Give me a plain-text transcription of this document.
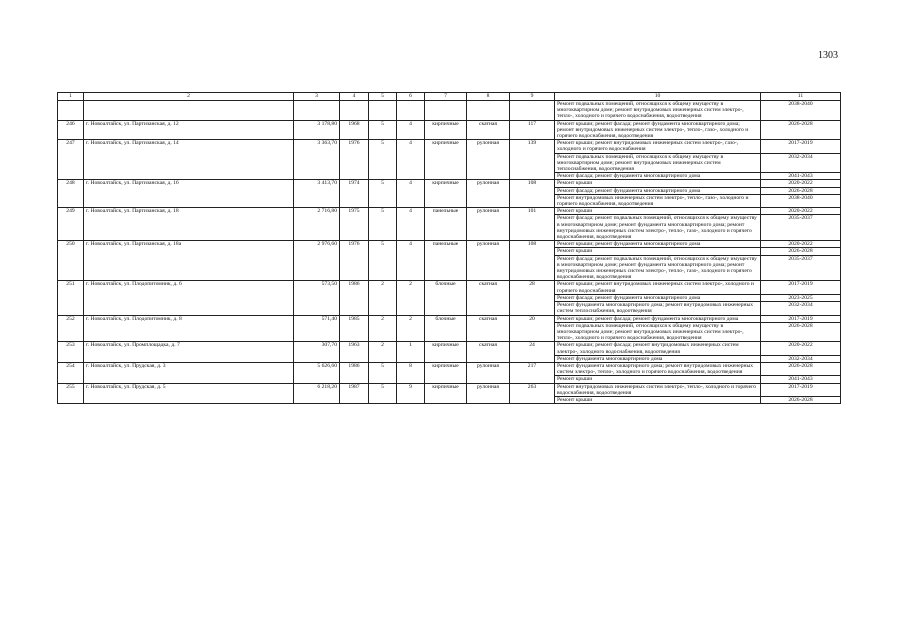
1303
1	2	3	4	5	6	7	8	9	10	11
									Ремонт подвальных помещений, относящихся к общему имуществу в многоквартирном доме; ремонт внутридомовых инженерных систем электро-, тепло-, холодного и горячего водоснабжения, водоотведения	2038-2040
246	г. Новоалтайск, ул. Партизанская, д. 12	3 178,80	1968	5	4	кирпичные	скатная	117	Ремонт крыши; ремонт фасада; ремонт фундамента многоквартирного дома; ремонт внутридомовых инженерных систем электро-, тепло-, газо-, холодного и горячего водоснабжения, водоотведения	2026-2028
247	г. Новоалтайск, ул. Партизанская, д. 14	3 363,70	1976	5	4	кирпичные	рулонная	139	Ремонт крыши; ремонт внутридомовых инженерных систем электро-, газо-, холодного и горячего водоснабжения	2017-2019
									Ремонт подвальных помещений, относящихся к общему имуществу в многоквартирном доме; ремонт внутридомовых инженерных систем теплоснабжения, водоотведения	2032-2034
									Ремонт фасада; ремонт фундамента многоквартирного дома	2041-2043
248	г. Новоалтайск, ул. Партизанская, д. 16	3 413,70	1974	5	4	кирпичные	рулонная	108	Ремонт крыши	2020-2022
									Ремонт фасада; ремонт фундамента многоквартирного дома	2026-2028
									Ремонт внутридомовых инженерных систем электро-, тепло-, газо-, холодного и горячего водоснабжения, водоотведения	2038-2040
249	г. Новоалтайск, ул. Партизанская, д. 18	2 716,80	1975	5	4	панельные	рулонная	101	Ремонт крыши	2020-2022
									Ремонт фасада; ремонт подвальных помещений, относящихся к общему имуществу в многоквартирном доме; ремонт фундамента многоквартирного дома; ремонт внутридомовых инженерных систем электро-, тепло-, газо-, холодного и горячего водоснабжения, водоотведения	2035-2037
250	г. Новоалтайск, ул. Партизанская, д. 18а	2 976,60	1976	5	4	панельные	рулонная	108	Ремонт крыши; ремонт фундамента многоквартирного дома	2020-2022
									Ремонт крыши	2026-2028
									Ремонт фасада; ремонт подвальных помещений, относящихся к общему имуществу в многоквартирном доме; ремонт фундамента многоквартирного дома; ремонт внутридомовых инженерных систем электро-, тепло-, газо-, холодного и горячего водоснабжения, водоотведения	2035-2037
251	г. Новоалтайск, ул. Плодопитомник, д. 6	573,50	1986	2	2	блочные	скатная	28	Ремонт крыши; ремонт внутридомовых инженерных систем электро-, холодного и горячего водоснабжения	2017-2019
									Ремонт фасада; ремонт фундамента многоквартирного дома	2023-2025
									Ремонт фундамента многоквартирного дома; ремонт внутридомовых инженерных систем теплоснабжения, водоотведения	2032-2034
252	г. Новоалтайск, ул. Плодопитомник, д. 8	571,40	1985	2	2	блочные	скатная	20	Ремонт крыши; ремонт фасада; ремонт фундамента многоквартирного дома	2017-2019
									Ремонт подвальных помещений, относящихся к общему имуществу в многоквартирном доме; ремонт внутридомовых инженерных систем электро-, тепло-, холодного и горячего водоснабжения, водоотведения	2026-2028
253	г. Новоалтайск, ул. Промплощадка, д. 7	307,70	1963	2	1	кирпичные	скатная	24	Ремонт крыши; ремонт фасада; ремонт внутридомовых инженерных систем электро-, холодного водоснабжения, водоотведения	2020-2022
									Ремонт фундамента многоквартирного дома	2032-2034
254	г. Новоалтайск, ул. Прудская, д. 3	5 626,60	1986	5	8	кирпичные	рулонная	217	Ремонт фундамента многоквартирного дома; ремонт внутридомовых инженерных систем электро-, тепло-, холодного и горячего водоснабжения, водоотведения	2026-2028
									Ремонт крыши	2041-2043
255	г. Новоалтайск, ул. Прудская, д. 5	6 218,20	1987	5	9	кирпичные	рулонная	263	Ремонт внутридомовых инженерных систем электро-, тепло-, холодного и горячего водоснабжения, водоотведения	2017-2019
									Ремонт крыши	2026-2028
